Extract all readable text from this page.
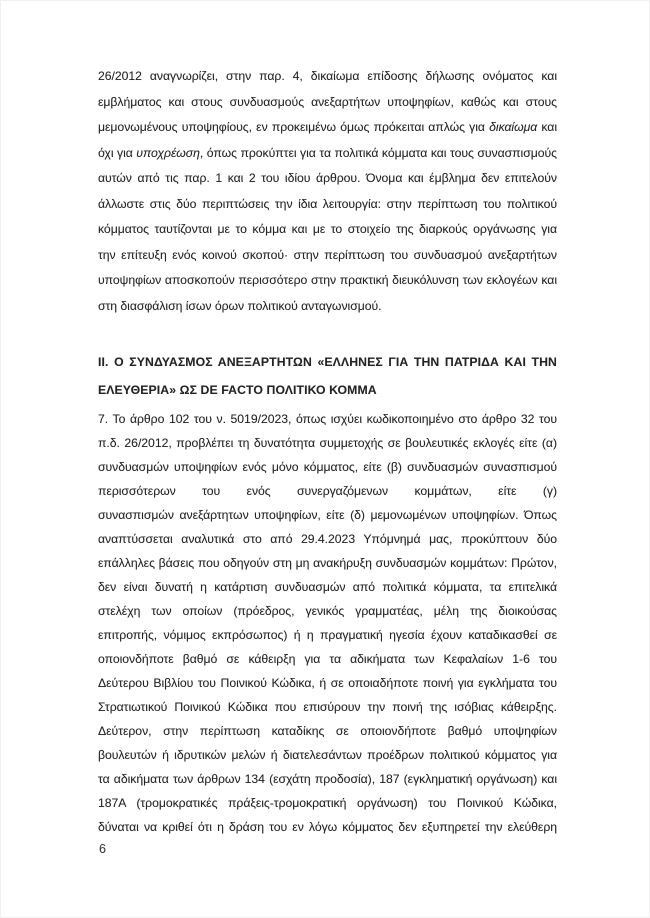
26/2012 αναγνωρίζει, στην παρ. 4, δικαίωμα επίδοσης δήλωσης ονόματος και
εμβλήματος και στους συνδυασμούς ανεξαρτήτων υποψηφίων, καθώς και στους
μεμονωμένους υποψηφίους, εν προκειμένω όμως πρόκειται απλώς για δικαίωμα και
όχι για υποχρέωση, όπως προκύπτει για τα πολιτικά κόμματα και τους συνασπισμούς
αυτών από τις παρ. 1 και 2 του ιδίου άρθρου. Όνομα και έμβλημα δεν επιτελούν
άλλωστε στις δύο περιπτώσεις την ίδια λειτουργία: στην περίπτωση του πολιτικού
κόμματος ταυτίζονται με το κόμμα και με το στοιχείο της διαρκούς οργάνωσης για
την επίτευξη ενός κοινού σκοπού· στην περίπτωση του συνδυασμού ανεξαρτήτων
υποψηφίων αποσκοπούν περισσότερο στην πρακτική διευκόλυνση των εκλογέων και
στη διασφάλιση ίσων όρων πολιτικού ανταγωνισμού.
II. Ο ΣΥΝΔΥΑΣΜΟΣ ΑΝΕΞΑΡΤΗΤΩΝ «ΕΛΛΗΝΕΣ ΓΙΑ ΤΗΝ ΠΑΤΡΙΔΑ ΚΑΙ ΤΗΝ
ΕΛΕΥΘΕΡΙΑ» ΩΣ DE FACTO ΠΟΛΙΤΙΚΟ ΚΟΜΜΑ
7. Το άρθρο 102 του ν. 5019/2023, όπως ισχύει κωδικοποιημένο στο άρθρο 32 του
π.δ. 26/2012, προβλέπει τη δυνατότητα συμμετοχής σε βουλευτικές εκλογές είτε (α)
συνδυασμών υποψηφίων ενός μόνο κόμματος, είτε (β) συνδυασμών συνασπισμού
περισσότερων του ενός συνεργαζόμενων κομμάτων, είτε (γ)
συνασπισμών ανεξάρτητων υποψηφίων, είτε (δ) μεμονωμένων υποψηφίων. Όπως
αναπτύσσεται αναλυτικά στο από 29.4.2023 Υπόμνημά μας, προκύπτουν δύο
επάλληλες βάσεις που οδηγούν στη μη ανακήρυξη συνδυασμών κομμάτων: Πρώτον,
δεν είναι δυνατή η κατάρτιση συνδυασμών από πολιτικά κόμματα, τα επιτελικά
στελέχη των οποίων (πρόεδρος, γενικός γραμματέας, μέλη της διοικούσας
επιτροπής, νόμιμος εκπρόσωπος) ή η πραγματική ηγεσία έχουν καταδικασθεί σε
οποιονδήποτε βαθμό σε κάθειρξη για τα αδικήματα των Κεφαλαίων 1-6 του
Δεύτερου Βιβλίου του Ποινικού Κώδικα, ή σε οποιαδήποτε ποινή για εγκλήματα του
Στρατιωτικού Ποινικού Κώδικα που επισύρουν την ποινή της ισόβιας κάθειρξης.
Δεύτερον, στην περίπτωση καταδίκης σε οποιονδήποτε βαθμό υποψηφίων
βουλευτών ή ιδρυτικών μελών ή διατελεσάντων προέδρων πολιτικού κόμματος για
τα αδικήματα των άρθρων 134 (εσχάτη προδοσία), 187 (εγκληματική οργάνωση) και
187Α (τρομοκρατικές πράξεις-τρομοκρατική οργάνωση) του Ποινικού Κώδικα,
δύναται να κριθεί ότι η δράση του εν λόγω κόμματος δεν εξυπηρετεί την ελεύθερη
6
